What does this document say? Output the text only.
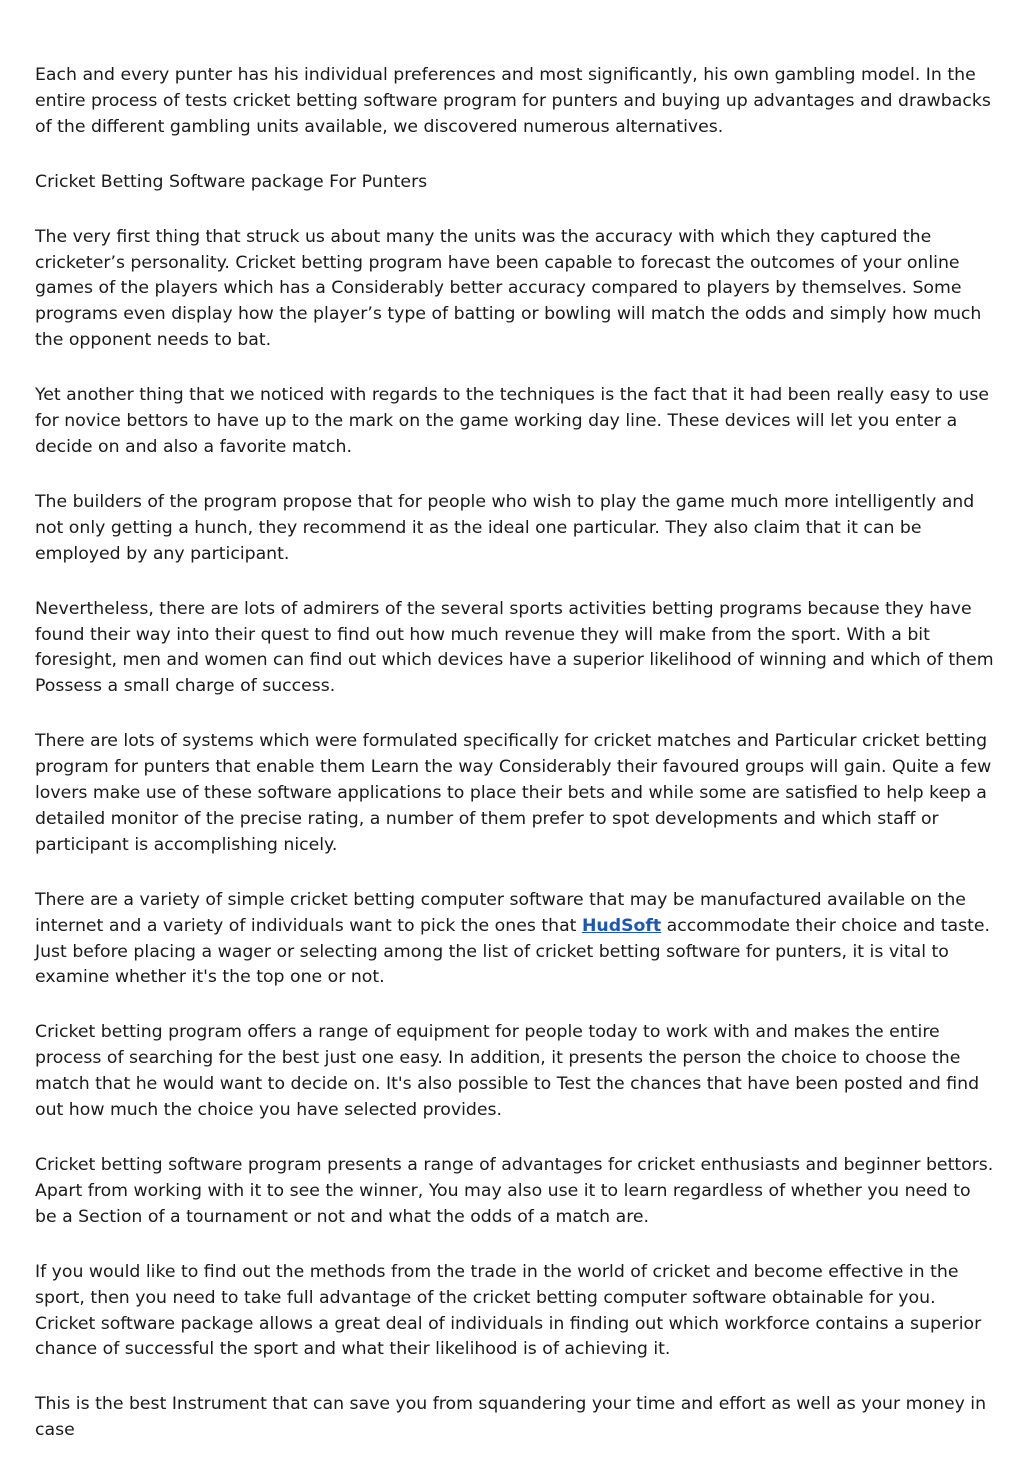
Each and every punter has his individual preferences and most significantly, his own gambling model. In the entire process of tests cricket betting software program for punters and buying up advantages and drawbacks of the different gambling units available, we discovered numerous alternatives.

Cricket Betting Software package For Punters

The very first thing that struck us about many the units was the accuracy with which they captured the cricketer’s personality. Cricket betting program have been capable to forecast the outcomes of your online games of the players which has a Considerably better accuracy compared to players by themselves. Some programs even display how the player’s type of batting or bowling will match the odds and simply how much the opponent needs to bat.

Yet another thing that we noticed with regards to the techniques is the fact that it had been really easy to use for novice bettors to have up to the mark on the game working day line. These devices will let you enter a decide on and also a favorite match.

The builders of the program propose that for people who wish to play the game much more intelligently and not only getting a hunch, they recommend it as the ideal one particular. They also claim that it can be employed by any participant.

Nevertheless, there are lots of admirers of the several sports activities betting programs because they have found their way into their quest to find out how much revenue they will make from the sport. With a bit foresight, men and women can find out which devices have a superior likelihood of winning and which of them Possess a small charge of success.

There are lots of systems which were formulated specifically for cricket matches and Particular cricket betting program for punters that enable them Learn the way Considerably their favoured groups will gain. Quite a few lovers make use of these software applications to place their bets and while some are satisfied to help keep a detailed monitor of the precise rating, a number of them prefer to spot developments and which staff or participant is accomplishing nicely.

There are a variety of simple cricket betting computer software that may be manufactured available on the internet and a variety of individuals want to pick the ones that HudSoft accommodate their choice and taste. Just before placing a wager or selecting among the list of cricket betting software for punters, it is vital to examine whether it's the top one or not.

Cricket betting program offers a range of equipment for people today to work with and makes the entire process of searching for the best just one easy. In addition, it presents the person the choice to choose the match that he would want to decide on. It's also possible to Test the chances that have been posted and find out how much the choice you have selected provides.

Cricket betting software program presents a range of advantages for cricket enthusiasts and beginner bettors. Apart from working with it to see the winner, You may also use it to learn regardless of whether you need to be a Section of a tournament or not and what the odds of a match are.

If you would like to find out the methods from the trade in the world of cricket and become effective in the sport, then you need to take full advantage of the cricket betting computer software obtainable for you. Cricket software package allows a great deal of individuals in finding out which workforce contains a superior chance of successful the sport and what their likelihood is of achieving it.

This is the best Instrument that can save you from squandering your time and effort as well as your money in case
